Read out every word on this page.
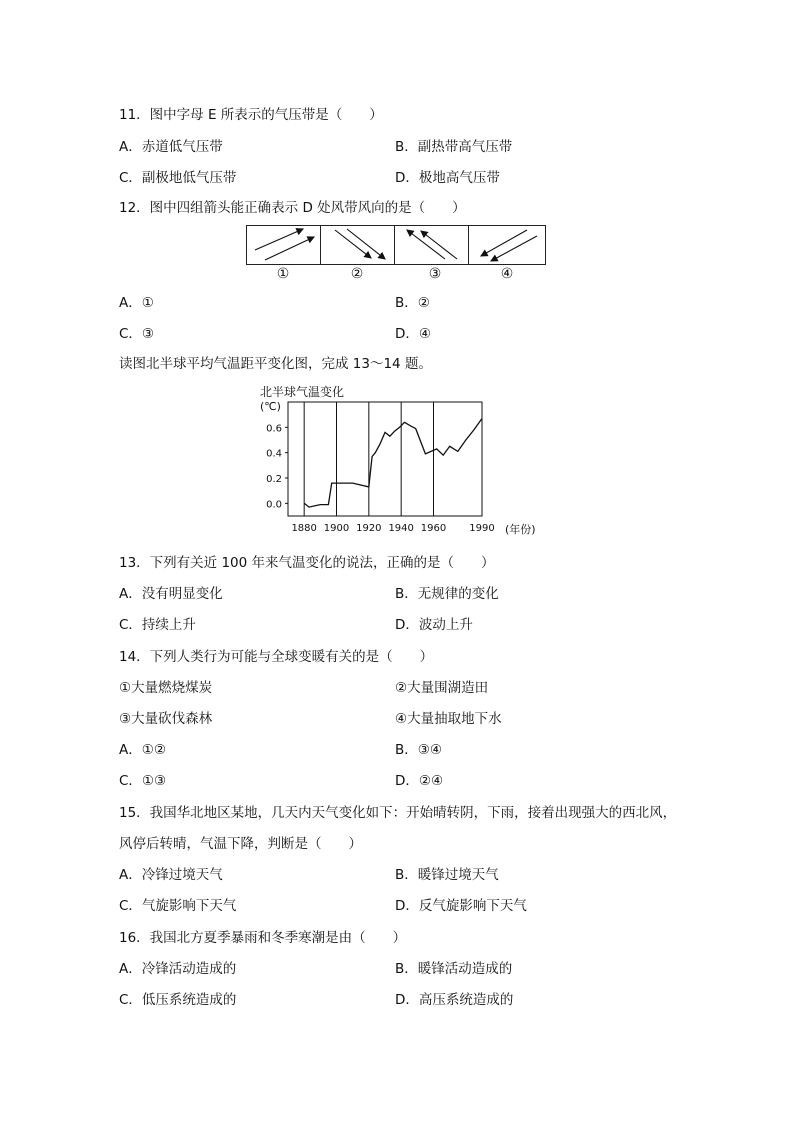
11．图中字母 E 所表示的气压带是（　　）
A．赤道低气压带	B．副热带高气压带
C．副极地低气压带	D．极地高气压带
12．图中四组箭头能正确表示 D 处风带风向的是（　　）
①	②	③	④
A．①	B．②
C．③	D．④
读图北半球平均气温距平变化图，完成 13～14 题。
北半球气温变化
(℃)
0.0
0.2
0.4
0.6
1880 1900 1920 1940 1960 1990 (年份)
13．下列有关近 100 年来气温变化的说法，正确的是（　　）
A．没有明显变化	B．无规律的变化
C．持续上升	D．波动上升
14．下列人类行为可能与全球变暖有关的是（　　）
①大量燃烧煤炭	②大量围湖造田
③大量砍伐森林	④大量抽取地下水
A．①②	B．③④
C．①③	D．②④
15．我国华北地区某地，几天内天气变化如下：开始晴转阴，下雨，接着出现强大的西北风，
风停后转晴，气温下降，判断是（　　）
A．冷锋过境天气	B．暖锋过境天气
C．气旋影响下天气	D．反气旋影响下天气
16．我国北方夏季暴雨和冬季寒潮是由（　　）
A．冷锋活动造成的	B．暖锋活动造成的
C．低压系统造成的	D．高压系统造成的
